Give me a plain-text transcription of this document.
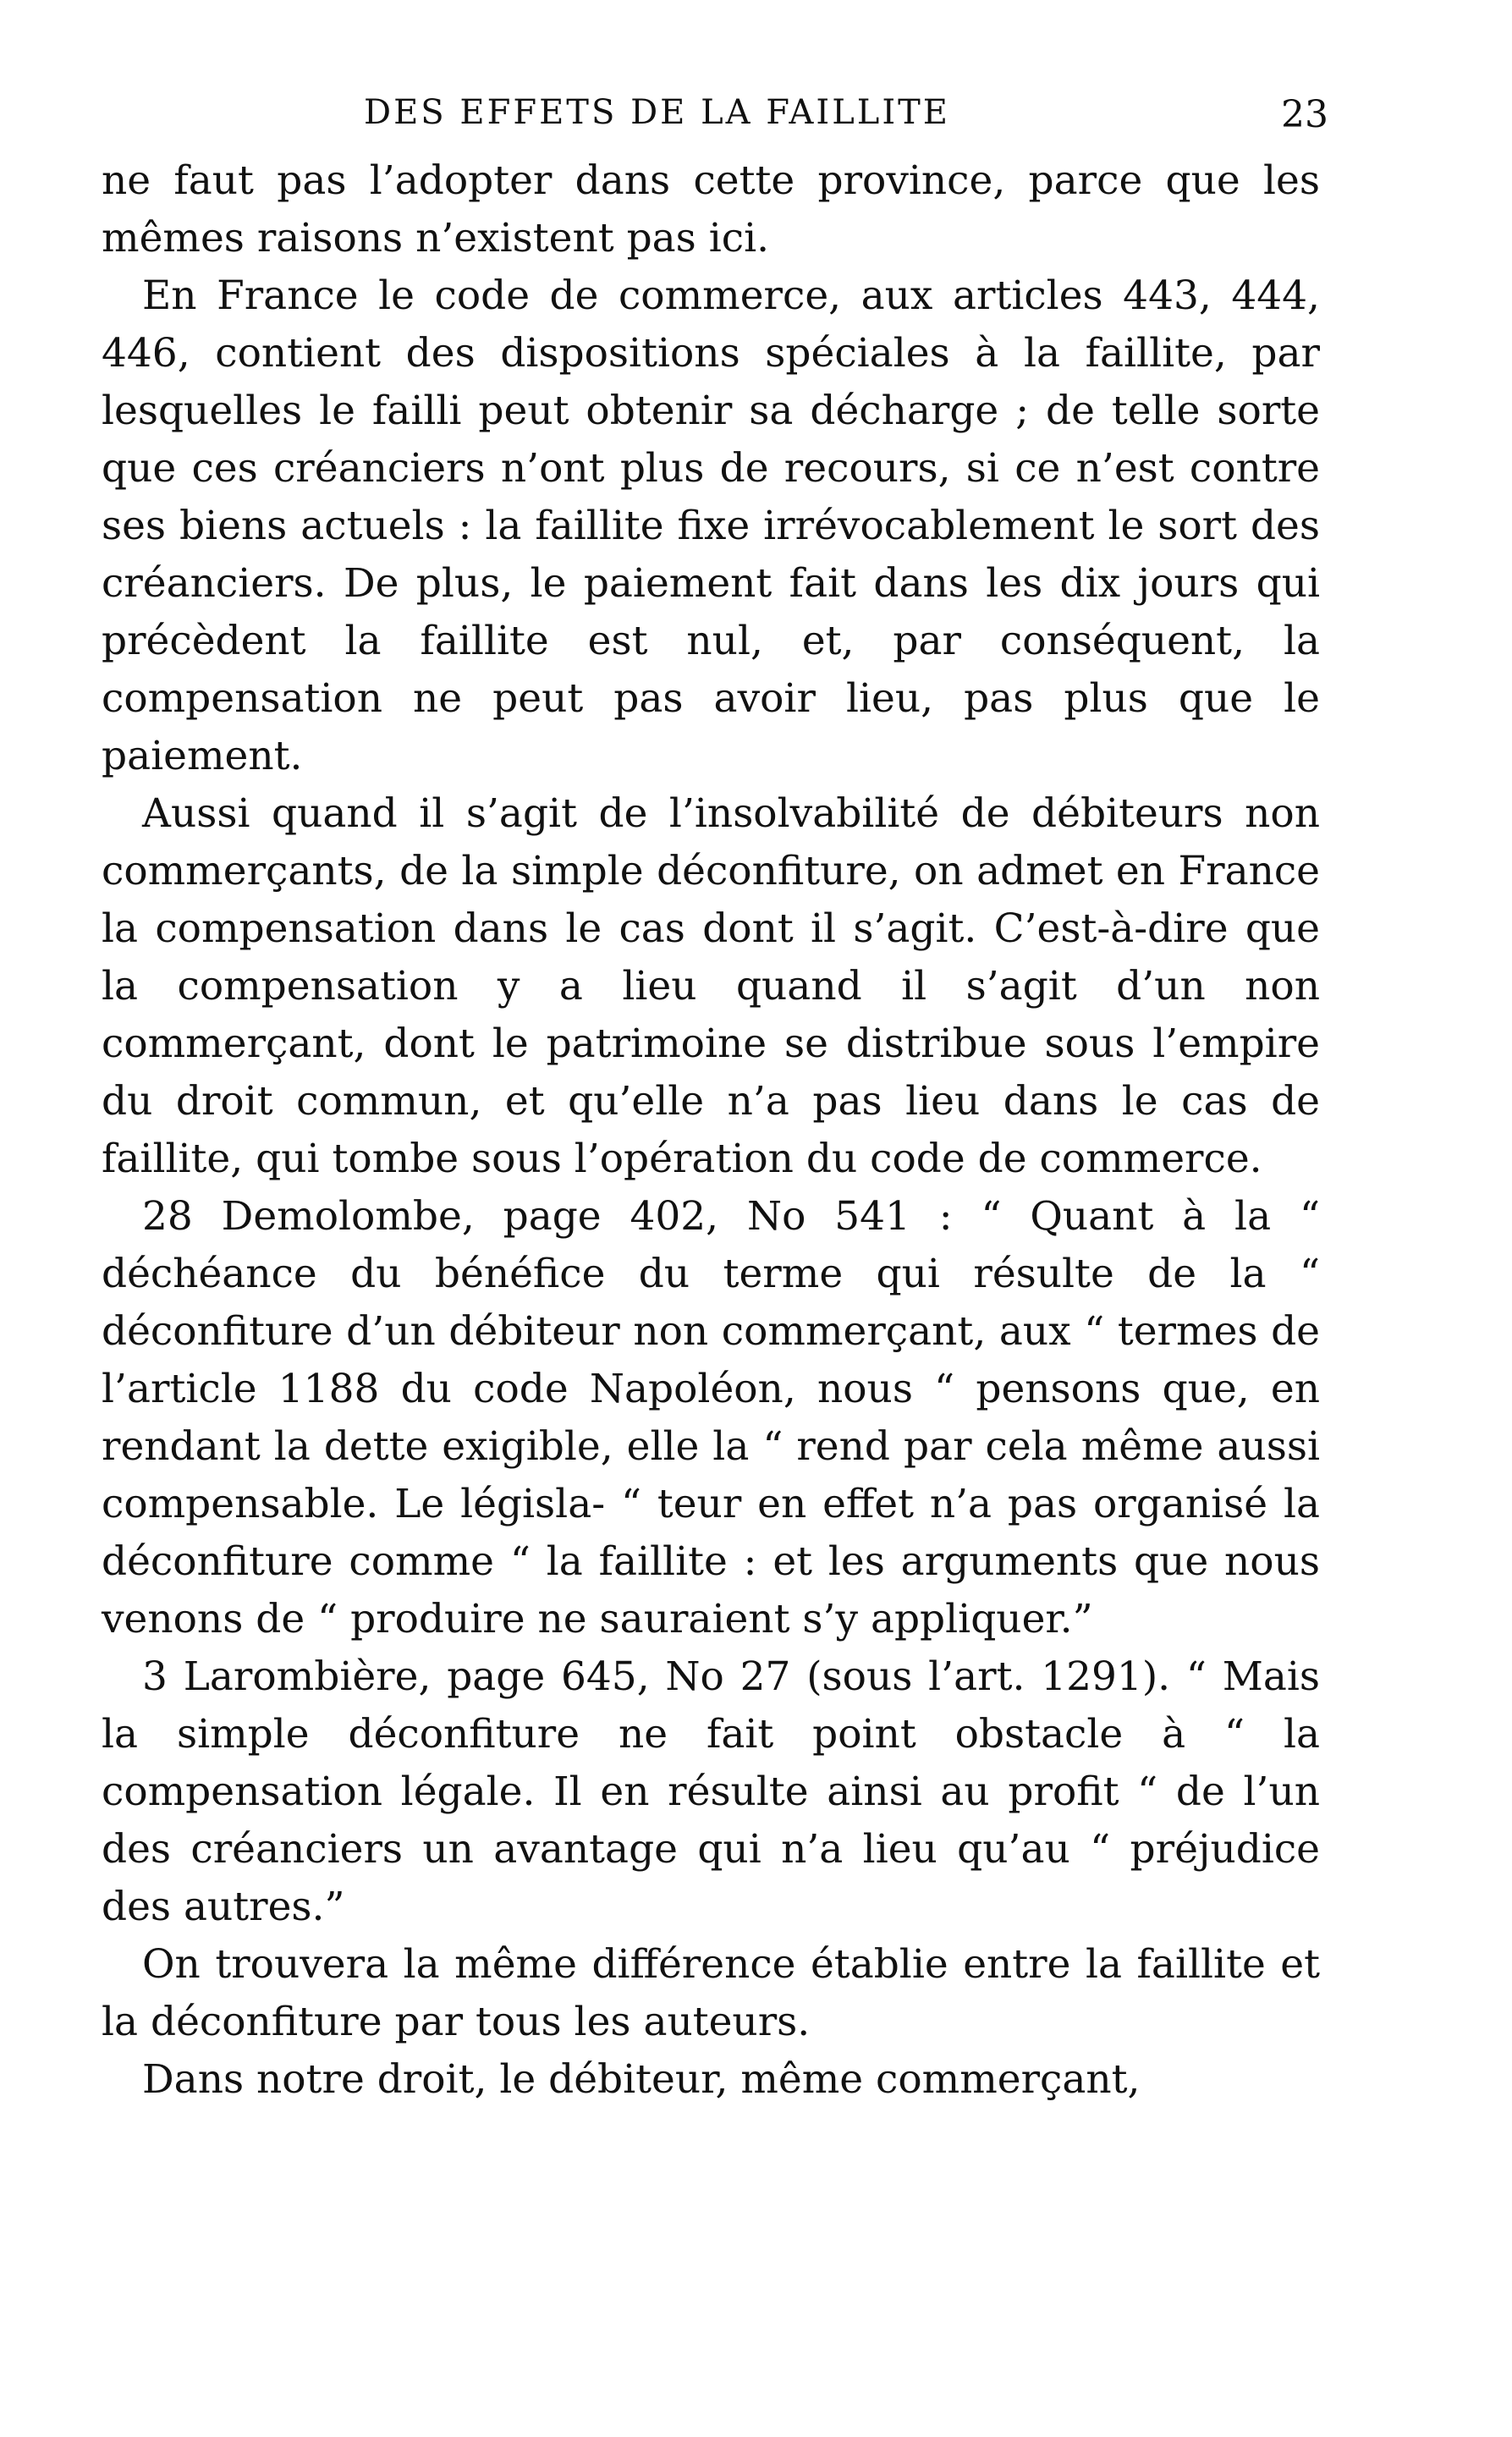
DES EFFETS DE LA FAILLITE	23

ne faut pas l’adopter dans cette province, parce que les mêmes raisons n’existent pas ici.

En France le code de commerce, aux articles 443, 444, 446, contient des dispositions spéciales à la faillite, par lesquelles le failli peut obtenir sa décharge ; de telle sorte que ces créanciers n’ont plus de recours, si ce n’est contre ses biens actuels : la faillite fixe irrévocablement le sort des créanciers. De plus, le paiement fait dans les dix jours qui précèdent la faillite est nul, et, par conséquent, la compensation ne peut pas avoir lieu, pas plus que le paiement.

Aussi quand il s’agit de l’insolvabilité de débiteurs non commerçants, de la simple déconfiture, on admet en France la compensation dans le cas dont il s’agit. C’est-à-dire que la compensation y a lieu quand il s’agit d’un non commerçant, dont le patrimoine se distribue sous l’empire du droit commun, et qu’elle n’a pas lieu dans le cas de faillite, qui tombe sous l’opération du code de commerce.

28 Demolombe, page 402, No 541 : “ Quant à la “ déchéance du bénéfice du terme qui résulte de la “ déconfiture d’un débiteur non commerçant, aux “ termes de l’article 1188 du code Napoléon, nous “ pensons que, en rendant la dette exigible, elle la “ rend par cela même aussi compensable. Le législa- “ teur en effet n’a pas organisé la déconfiture comme “ la faillite : et les arguments que nous venons de “ produire ne sauraient s’y appliquer.”

3 Larombière, page 645, No 27 (sous l’art. 1291). “ Mais la simple déconfiture ne fait point obstacle à “ la compensation légale. Il en résulte ainsi au profit “ de l’un des créanciers un avantage qui n’a lieu qu’au “ préjudice des autres.”

On trouvera la même différence établie entre la faillite et la déconfiture par tous les auteurs.

Dans notre droit, le débiteur, même commerçant,
